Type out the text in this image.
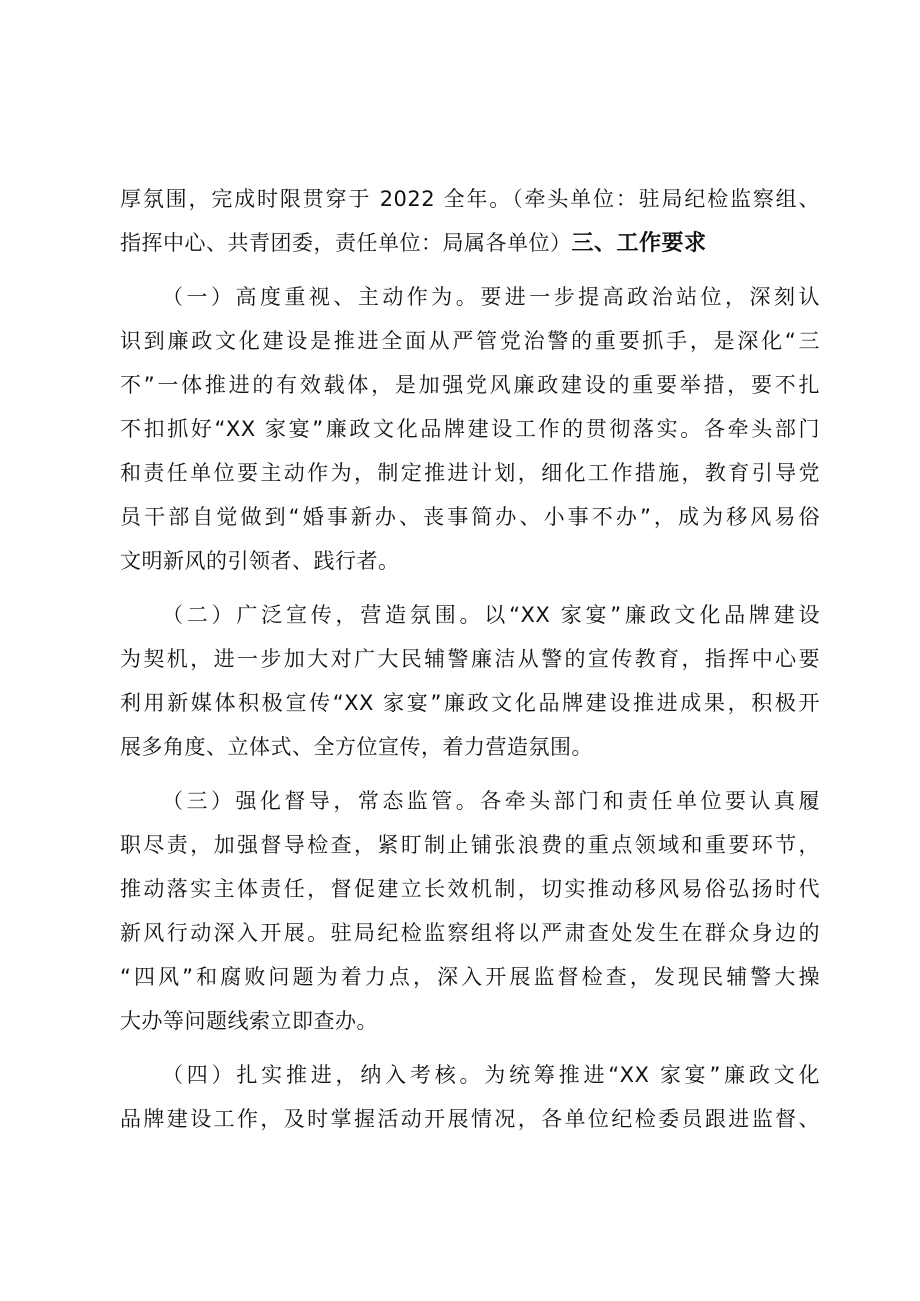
厚氛围，完成时限贯穿于 2022 全年。（牵头单位：驻局纪检监察组、
指挥中心、共青团委，责任单位：局属各单位）三、工作要求
（一）高度重视、主动作为。要进一步提高政治站位，深刻认
识到廉政文化建设是推进全面从严管党治警的重要抓手，是深化“三
不”一体推进的有效载体，是加强党风廉政建设的重要举措，要不扎
不扣抓好“XX 家宴”廉政文化品牌建设工作的贯彻落实。各牵头部门
和责任单位要主动作为，制定推进计划，细化工作措施，教育引导党
员干部自觉做到“婚事新办、丧事简办、小事不办”，成为移风易俗
文明新风的引领者、践行者。
（二）广泛宣传，营造氛围。以“XX 家宴”廉政文化品牌建设
为契机，进一步加大对广大民辅警廉洁从警的宣传教育，指挥中心要
利用新媒体积极宣传“XX 家宴”廉政文化品牌建设推进成果，积极开
展多角度、立体式、全方位宣传，着力营造氛围。
（三）强化督导，常态监管。各牵头部门和责任单位要认真履
职尽责，加强督导检查，紧盯制止铺张浪费的重点领域和重要环节，
推动落实主体责任，督促建立长效机制，切实推动移风易俗弘扬时代
新风行动深入开展。驻局纪检监察组将以严肃查处发生在群众身边的
“四风”和腐败问题为着力点，深入开展监督检查，发现民辅警大操
大办等问题线索立即查办。
（四）扎实推进，纳入考核。为统筹推进“XX 家宴”廉政文化
品牌建设工作，及时掌握活动开展情况，各单位纪检委员跟进监督、
